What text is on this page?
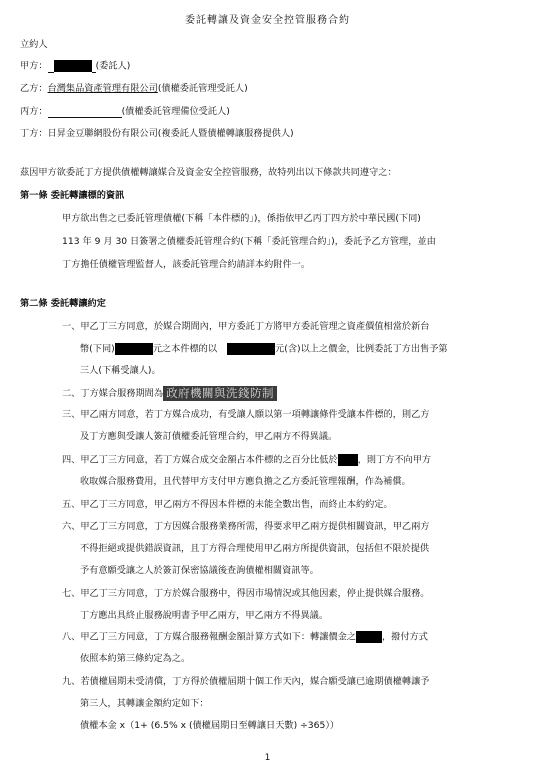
委託轉讓及資金安全控管服務合約
立約人
甲方：	(委託人)
乙方：台灣集品資產管理有限公司(債權委託管理受託人)
丙方：	(債權委託管理備位受託人)
丁方：日昇金豆聯網股份有限公司(複委託人暨債權轉讓服務提供人)
茲因甲方欲委託丁方提供債權轉讓媒合及資金安全控管服務，故特列出以下條款共同遵守之：
第一條 委託轉讓標的資訊
甲方欲出售之已委託管理債權(下稱「本件標的」)，係指依甲乙丙丁四方於中華民國(下同)
113 年 9 月 30 日簽署之債權委託管理合約(下稱「委託管理合約」)，委託予乙方管理，並由
丁方擔任債權管理監督人，該委託管理合約請詳本約附件一。
第二條 委託轉讓約定
一、甲乙丁三方同意，於媒合期間內，甲方委託丁方將甲方委託管理之資產價值相當於新台
幣(下同)	元之本件標的以	元(含)以上之價金，比例委託丁方出售予第
三人(下稱受讓人)。
二、丁方媒合服務期間為 政府機關與洗錢防制
三、甲乙兩方同意，若丁方媒合成功，有受讓人願以第一項轉讓條件受讓本件標的，則乙方
及丁方應與受讓人簽訂債權委託管理合約，甲乙兩方不得異議。
四、甲乙丁三方同意，若丁方媒合成交金額占本件標的之百分比低於 ，則丁方不向甲方
收取媒合服務費用，且代替甲方支付甲方應負擔之乙方委託管理報酬，作為補償。
五、甲乙丁三方同意，甲乙兩方不得因本件標的未能全數出售，而終止本約約定。
六、甲乙丁三方同意，丁方因媒合服務業務所需，得要求甲乙兩方提供相關資訊，甲乙兩方
不得拒絕或提供錯誤資訊，且丁方得合理使用甲乙兩方所提供資訊，包括但不限於提供
予有意願受讓之人於簽訂保密協議後查詢債權相關資訊等。
七、甲乙丁三方同意，丁方於媒合服務中，得因市場情況或其他因素，停止提供媒合服務。
丁方應出具終止服務說明書予甲乙兩方，甲乙兩方不得異議。
八、甲乙丁三方同意，丁方媒合服務報酬金額計算方式如下：轉讓價金之	，撥付方式
依照本約第三條約定為之。
九、若債權屆期未受清償，丁方得於債權屆期十個工作天內，媒合願受讓已逾期債權轉讓予
第三人，其轉讓金額約定如下：
債權本金 x（1+ (6.5% x (債權屆期日至轉讓日天數) ÷365））
1
